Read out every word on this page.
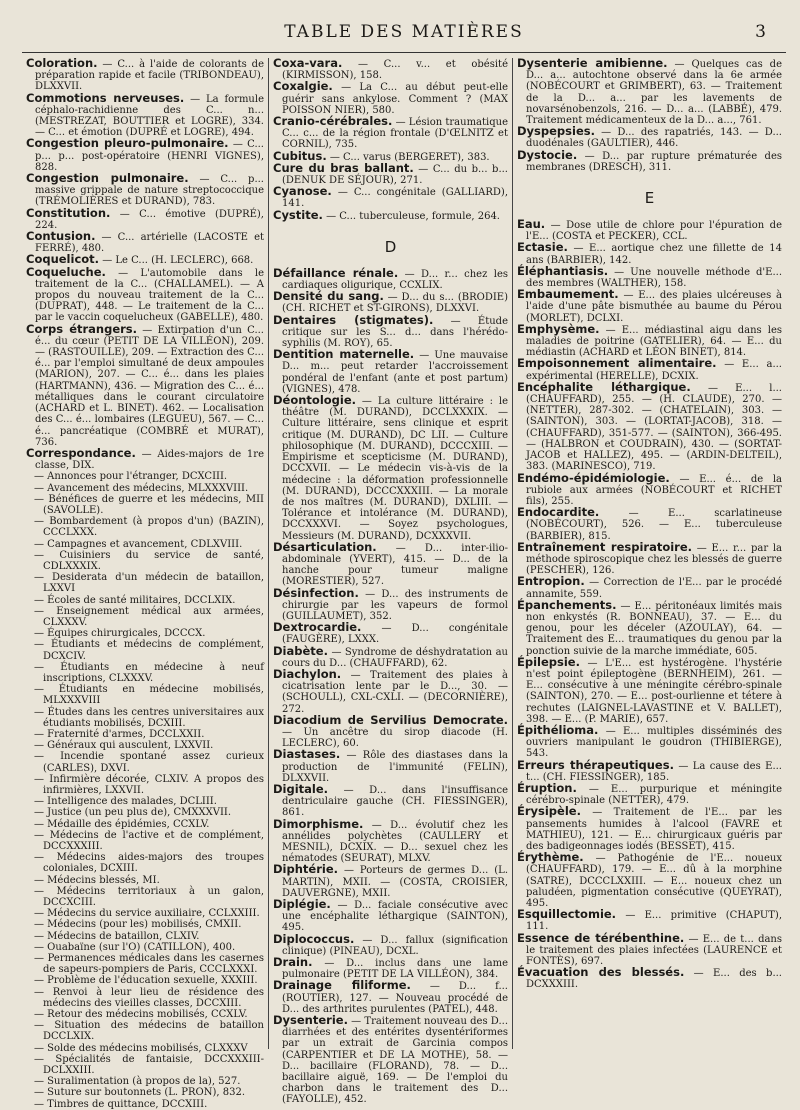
TABLE DES MATIÈRES	3

Coloration. — C... à l'aide de colorants de préparation rapide et facile (TRIBONDEAU), DLXXVII.

Commotions nerveuses. — La formule céphalo-rachidienne des C... n... (MESTREZAT, BOUTTIER et LOGRE), 334. — C... et émotion (DUPRÉ et LOGRE), 494.

Congestion pleuro-pulmonaire. — C... p... p... post-opératoire (HENRI VIGNES), 828.

Congestion pulmonaire. — C... p... massive grippale de nature streptococcique (TRÉMOLIÈRES et DURAND), 783.

Constitution. — C... émotive (DUPRÉ), 224.

Contusion. — C... artérielle (LACOSTE et FERRÉ), 480.

Coquelicot. — Le C... (H. LECLERC), 668.

Coqueluche. — L'automobile dans le traitement de la C... (CHALLAMEL). — A propos du nouveau traitement de la C... (DUPRAT), 448. — Le traitement de la C... par le vaccin coquelucheux (GABELLE), 480.

Corps étrangers. — Extirpation d'un C... é... du cœur (PETIT DE LA VILLÉON), 209. — (RASTOUILLE), 209. — Extraction des C... é... par l'emploi simultané de deux ampoules (MARION), 207. — C... é... dans les plaies (HARTMANN), 436. — Migration des C... é... métalliques dans le courant circulatoire (ACHARD et L. BINET). 462. — Localisation des C... é... lombaires (LEGUEU), 567. — C... é... pancréatique (COMBRÉ et MURAT), 736.

Correspondance. — Aides-majors de 1re classe, DIX.

— Annonces pour l'étranger, DCXCIII.

— Avancement des médecins, MLXXXVIII.

— Bénéfices de guerre et les médecins, MII (SAVOLLE).

— Bombardement (à propos d'un) (BAZIN), CCCLXXX.

— Campagnes et avancement, CDLXVIII.

— Cuisiniers du service de santé, CDLXXXIX.

— Desiderata d'un médecin de bataillon, LXXVI

— Écoles de santé militaires, DCCLXIX.

— Enseignement médical aux armées, CLXXXV.

— Équipes chirurgicales, DCCCX.

— Étudiants et médecins de complément, DCXCIV.

— Étudiants en médecine à neuf inscriptions, CLXXXV.

— Étudiants en médecine mobilisés, MLXXXVIII

— Études dans les centres universitaires aux étudiants mobilisés, DCXIII.

— Fraternité d'armes, DCCLXXII.

— Généraux qui ausculent, LXXVII.

— Incendie spontané assez curieux (CARLES), DXVI.

— Infirmière décorée, CLXIV. A propos des infirmières, LXXVII.

— Intelligence des malades, DCLIII.

— Justice (un peu plus de), CMXXXVII.

— Médaille des épidémies, CCXLV.

— Médecins de l'active et de complément, DCCXXXIII.

— Médecins aides-majors des troupes coloniales, DCXIII.

— Médecins blessés, MI.

— Médecins territoriaux à un galon, DCCXCIII.

— Médecins du service auxiliaire, CCLXXIII.

— Médecins (pour les) mobilisés, CMXII.

— Médecins de bataillon, CLXIV.

— Ouabaïne (sur l'O) (CATILLON), 400.

— Permanences médicales dans les casernes de sapeurs-pompiers de Paris, CCCLXXXI.

— Problème de l'éducation sexuelle, XXXIII.

— Renvoi à leur lieu de résidence des médecins des vieilles classes, DCCXIII.

— Retour des médecins mobilisés, CCXLV.

— Situation des médecins de bataillon DCCLXIX.

— Solde des médecins mobilisés, CLXXXV

— Spécialités de fantaisie, DCCXXXIII-DCLXXIII.

— Suralimentation (à propos de la), 527.

— Suture sur boutonnets (L. PRON), 832.

— Timbres de quittance, DCCXIII.

Coxa-vara. — C... v... et obésité (KIRMISSON), 158.

Coxalgie. — La C... au début peut-elle guérir sans ankylose. Comment ? (MAX POISSON NIER), 580.

Cranio-cérébrales. — Lésion traumatique C... c... de la région frontale (D'ŒLNITZ et CORNIL), 735.

Cubitus. — C... varus (BERGERET), 383.

Cure du bras ballant. — C... du b... b... (DENUK DE SÉJOUR), 271.

Cyanose. — C... congénitale (GALLIARD), 141.

Cystite. — C... tuberculeuse, formule, 264.

D

Défaillance rénale. — D... r... chez les cardiaques oligurique, CCXLIX.

Densité du sang. — D... du s... (BRODIE) (CH. RICHET et ST-GIRONS), DLXXVI.

Dentaires (stigmates). — Étude critique sur les S... d... dans l'hérédo-syphilis (M. ROY), 65.

Dentition maternelle. — Une mauvaise D... m... peut retarder l'accroissement pondéral de l'enfant (ante et post partum) (VIGNES), 478.

Déontologie. — La culture littéraire : le théâtre (M. DURAND), DCCLXXXIX. — Culture littéraire, sens clinique et esprit critique (M. DURAND), DC LII. — Culture philosophique (M. DURAND), DCCCXIII. — Empirisme et scepticisme (M. DURAND), DCCXVII. — Le médecin vis-à-vis de la médecine : la déformation professionnelle (M. DURAND), DCCCXXXIII. — La morale de nos maîtres (M. DURAND), DXLIII. — Tolérance et intolérance (M. DURAND), DCCXXXVI. — Soyez psychologues, Messieurs (M. DURAND), DCXXXVII.

Désarticulation. — D... inter-ilio-abdominale (YVERT), 415. — D... de la hanche pour tumeur maligne (MORESTIER), 527.

Désinfection. — D... des instruments de chirurgie par les vapeurs de formol (GUILLAUMET), 352.

Dextrocardie. — D... congénitale (FAUGÈRE), LXXX.

Diabète. — Syndrome de déshydratation au cours du D... (CHAUFFARD), 62.

Diachylon. — Traitement des plaies à cicatrisation lente par le D..., 30. — (SCHOULL), CXL-CXLI. — (DECORNIÈRE), 272.

Diacodium de Servilius Democrate. — Un ancêtre du sirop diacode (H. LECLERC), 60.

Diastases. — Rôle des diastases dans la production de l'immunité (FELIN), DLXXVII.

Digitale. — D... dans l'insuffisance dentriculaire gauche (CH. FIESSINGER), 861.

Dimorphisme. — D... évolutif chez les annélides polychètes (CAULLERY et MESNIL), DCXIX. — D... sexuel chez les nématodes (SEURAT), MLXV.

Diphtérie. — Porteurs de germes D... (L. MARTIN), MXII. — (COSTA, CROISIER, DAUVERGNE), MXII.

Diplégie. — D... faciale consécutive avec une encéphalite léthargique (SAINTON), 495.

Diplococcus. — D... fallux (signification clinique) (PINEAU), DCXL.

Drain. — D... inclus dans une lame pulmonaire (PETIT DE LA VILLÉON), 384.

Drainage filiforme. — D... f... (ROUTIER), 127. — Nouveau procédé de D... des arthrites purulentes (PATEL), 448.

Dysenterie. — Traitement nouveau des D... diarrhées et des entérites dysentériformes par un extrait de Garcinia compos (CARPENTIER et DE LA MOTHE), 58. — D... bacillaire (FLORAND), 78. — D... bacillaire aiguë, 169. — De l'emploi du charbon dans le traitement des D... (FAYOLLE), 452.

Dysenterie amibienne. — Quelques cas de D... a... autochtone observé dans la 6e armée (NOBÉCOURT et GRIMBERT), 63. — Traitement de la D... a... par les lavements de novarsénobenzols, 216. — D... a... (LABBÉ), 479. Traitement médicamenteux de la D... a..., 761.

Dyspepsies. — D... des rapatriés, 143. — D... duodénales (GAULTIER), 446.

Dystocie. — D... par rupture prématurée des membranes (DRESCH), 311.

E

Eau. — Dose utile de chlore pour l'épuration de l'E... (COSTA et PECKER), CCL.

Ectasie. — E... aortique chez une fillette de 14 ans (BARBIER), 142.

Éléphantiasis. — Une nouvelle méthode d'E... des membres (WALTHER), 158.

Embaumement. — E... des plaies ulcéreuses à l'aide d'une pâte bismuthée au baume du Pérou (MORLET), DCLXI.

Emphysème. — E... médiastinal aigu dans les maladies de poitrine (GATELIER), 64. — E... du médiastin (ACHARD et LÉON BINET), 814.

Empoisonnement alimentaire. — E... a... expérimental (HERELLE), DCXIX.

Encéphalite léthargique. — E... l... (CHAUFFARD), 255. — (H. CLAUDE), 270. — (NETTER), 287-302. — (CHATELAIN), 303. — (SAINTON), 303. — (LORTAT-JACOB), 318. — (CHAUFFARD), 351-577. — (SAINTON), 366-495. — (HALBRON et COUDRAIN), 430. — (SORTAT-JACOB et HALLEZ), 495. — (ARDIN-DELTEIL), 383. (MARINESCO), 719.

Endémo-épidémiologie. — E... é... de la rubiole aux armées (NOBÉCOURT et RICHET fils), 255.

Endocardite. — E... scarlatineuse (NOBÉCOURT), 526. — E... tuberculeuse (BARBIER), 815.

Entraînement respiratoire. — E... r... par la méthode spiroscopique chez les blessés de guerre (PESCHER), 126.

Entropion. — Correction de l'E... par le procédé annamite, 559.

Épanchements. — E... péritonéaux limités mais non enkystés (R. BONNEAU), 37. — E... du genou, pour les déceler (AZOULAY), 64. — Traitement des E... traumatiques du genou par la ponction suivie de la marche immédiate, 605.

Épilepsie. — L'E... est hystérogène. l'hystérie n'est point épileptogène (BERNHEIM), 261. — E... consécutive à une méningite cérébro-spinale (SAINTON), 270. — E... post-ourlienne et tétere à rechutes (LAIGNEL-LAVASTINE et V. BALLET), 398. — E... (P. MARIE), 657.

Épithélioma. — E... multiples disséminés des ouvriers manipulant le goudron (THIBIERGE), 543.

Erreurs thérapeutiques. — La cause des E... t... (CH. FIESSINGER), 185.

Éruption. — E... purpurique et méningite cérébro-spinale (NETTER), 479.

Érysipèle. — Traitement de l'E... par les pansements humides à l'alcool (FAVRE et MATHIEU), 121. — E... chirurgicaux guéris par des badigeonnages iodés (BESSET), 415.

Érythème. — Pathogénie de l'E... noueux (CHAUFFARD), 179. — E... dû à la morphine (SATRE), DCCCLXXIII. — E... noueux chez un paludéen, pigmentation consécutive (QUEYRAT), 495.

Esquillectomie. — E... primitive (CHAPUT), 111.

Essence de térébenthine. — E... de t... dans le traitement des plaies infectées (LAURENCE et FONTÈS), 697.

Évacuation des blessés. — E... des b... DCXXXIII.
